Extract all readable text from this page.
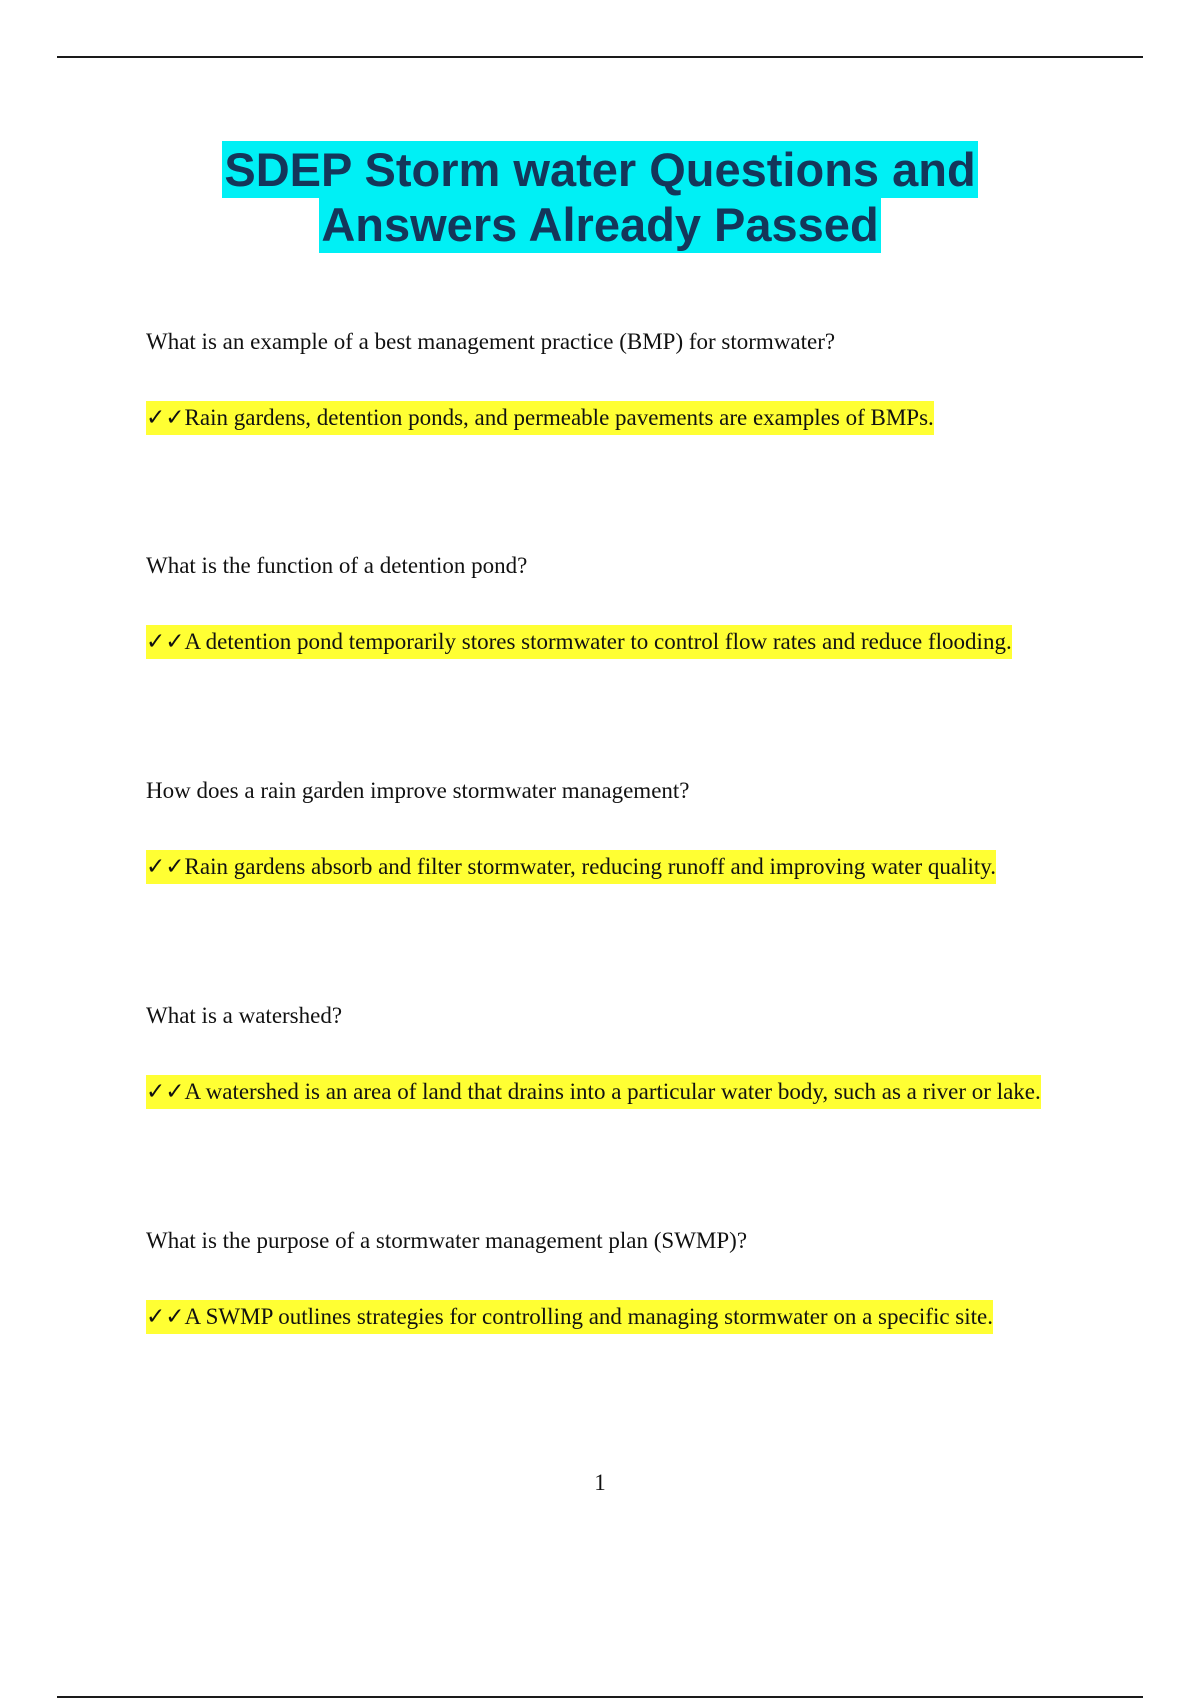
SDEP Storm water Questions and
Answers Already Passed

What is an example of a best management practice (BMP) for stormwater?

✓✓Rain gardens, detention ponds, and permeable pavements are examples of BMPs.

What is the function of a detention pond?

✓✓A detention pond temporarily stores stormwater to control flow rates and reduce flooding.

How does a rain garden improve stormwater management?

✓✓Rain gardens absorb and filter stormwater, reducing runoff and improving water quality.

What is a watershed?

✓✓A watershed is an area of land that drains into a particular water body, such as a river or lake.

What is the purpose of a stormwater management plan (SWMP)?

✓✓A SWMP outlines strategies for controlling and managing stormwater on a specific site.

1
